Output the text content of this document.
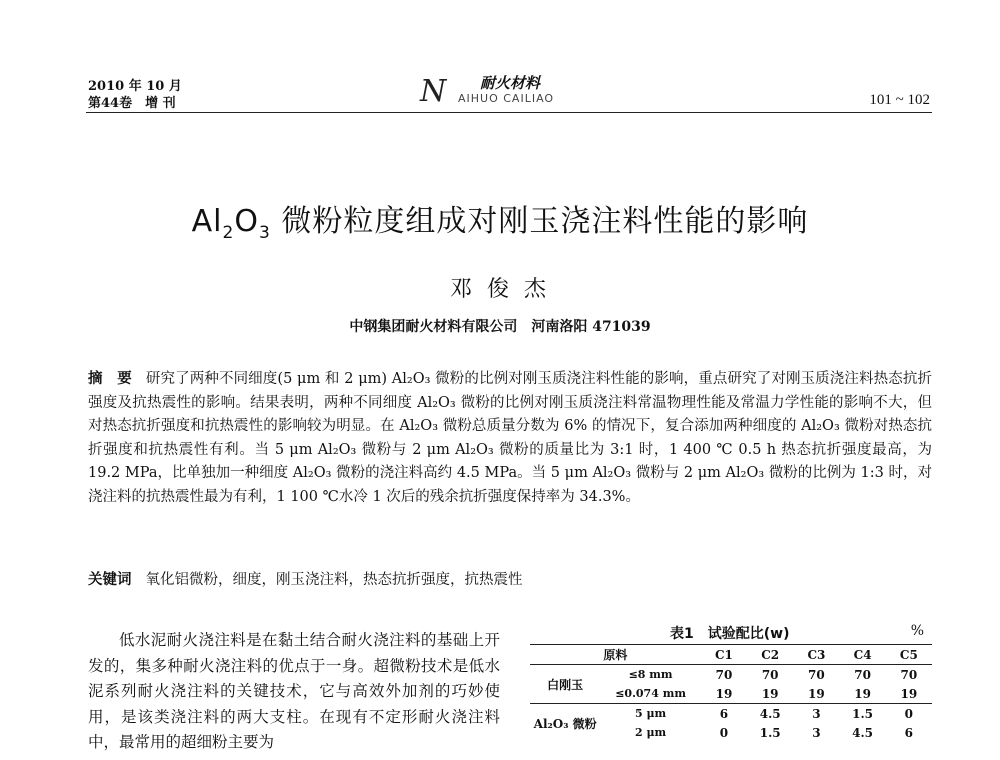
2010 年 10 月
第44卷　增 刊	N 耐火材料
AIHUO CAILIAO	101 ~ 102
$Al_2O_3$ 微粉粒度组成对刚玉浇注料性能的影响
邓 俊 杰
中钢集团耐火材料有限公司　河南洛阳 471039
摘　要 研究了两种不同细度(5 μm 和 2 μm) Al₂O₃ 微粉的比例对刚玉质浇注料性能的影响，重点研究了对刚玉质浇注料热态抗折强度及抗热震性的影响。结果表明，两种不同细度 Al₂O₃ 微粉的比例对刚玉质浇注料常温物理性能及常温力学性能的影响不大，但对热态抗折强度和抗热震性的影响较为明显。在 Al₂O₃ 微粉总质量分数为 6% 的情况下，复合添加两种细度的 Al₂O₃ 微粉对热态抗折强度和抗热震性有利。当 5 μm Al₂O₃ 微粉与 2 μm Al₂O₃ 微粉的质量比为 3:1 时，1 400 ℃ 0.5 h 热态抗折强度最高，为 19.2 MPa，比单独加一种细度 Al₂O₃ 微粉的浇注料高约 4.5 MPa。当 5 μm Al₂O₃ 微粉与 2 μm Al₂O₃ 微粉的比例为 1:3 时，对浇注料的抗热震性最为有利，1 100 ℃水冷 1 次后的残余抗折强度保持率为 34.3%。
关键词 氧化铝微粉，细度，刚玉浇注料，热态抗折强度，抗热震性
低水泥耐火浇注料是在黏土结合耐火浇注料的基础上开发的，集多种耐火浇注料的优点于一身。超微粉技术是低水泥系列耐火浇注料的关键技术，它与高效外加剂的巧妙使用，是该类浇注料的两大支柱。在现有不定形耐火浇注料中，最常用的超细粉主要为
表1　试验配比(w)	%
原料		C1	C2	C3	C4	C5
白刚玉	≤8 mm	70	70	70	70	70
	≤0.074 mm	19	19	19	19	19
Al₂O₃ 微粉	5 μm	6	4.5	3	1.5	0
	2 μm	0	1.5	3	4.5	6
